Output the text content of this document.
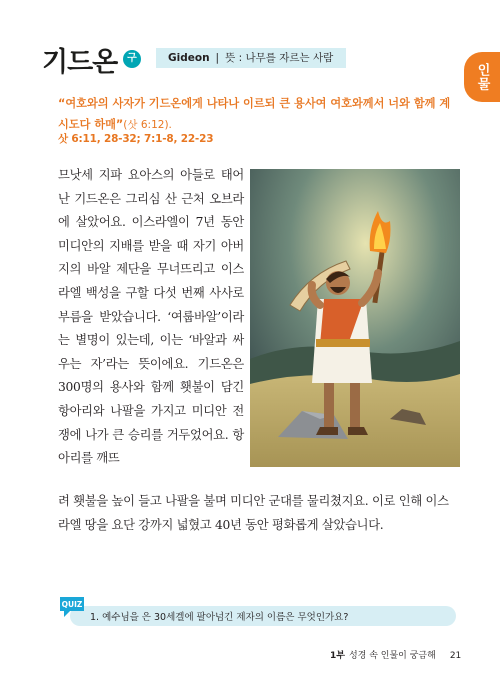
기드온 구	Gideon | 뜻 : 나무를 자르는 사람
인물
“여호와의 사자가 기드온에게 나타나 이르되 큰 용사여 여호와께서 너와 함께 계시도다 하매”(삿 6:12).
삿 6:11, 28-32; 7:1-8, 22-23

므낫세 지파 요아스의 아들로 태어난 기드온은 그리심 산 근처 오브라에 살았어요. 이스라엘이 7년 동안 미디안의 지배를 받을 때 자기 아버지의 바알 제단을 무너뜨리고 이스라엘 백성을 구할 다섯 번째 사사로 부름을 받았습니다. ‘여룹바알’이라는 별명이 있는데, 이는 ‘바알과 싸우는 자’라는 뜻이에요. 기드온은 300명의 용사와 함께 횃불이 담긴 항아리와 나팔을 가지고 미디안 전쟁에 나가 큰 승리를 거두었어요. 항아리를 깨뜨

려 횃불을 높이 들고 나팔을 불며 미디안 군대를 물리쳤지요. 이로 인해 이스라엘 땅을 요단 강까지 넓혔고 40년 동안 평화롭게 살았습니다.
QUIZ
1. 예수님을 은 30세겔에 팔아넘긴 제자의 이름은 무엇인가요?
1부 성경 속 인물이 궁금해 21
